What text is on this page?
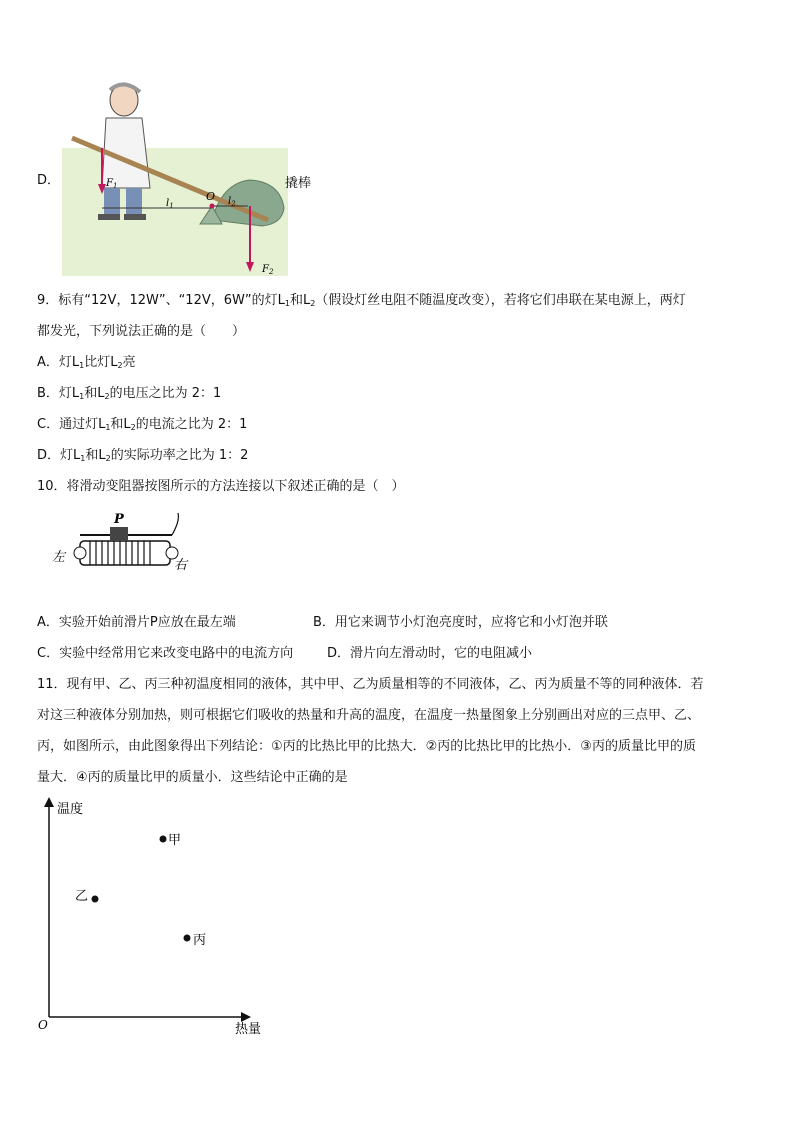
D．
O
$F_1$
$F_2$
$l_1$	$l_2$
撬棒
9．标有“12V，12W”、“12V，6W”的灯$L_1$和$L_2$（假设灯丝电阻不随温度改变），若将它们串联在某电源上，两灯
都发光，下列说法正确的是（　　）
A．灯$L_1$比灯$L_2$亮
B．灯$L_1$和$L_2$的电压之比为 2：1
C．通过灯$L_1$和$L_2$的电流之比为 2：1
D．灯$L_1$和$L_2$的实际功率之比为 1：2
10．将滑动变阻器按图所示的方法连接以下叙述正确的是（　）
P
左
右
A．实验开始前滑片P应放在最左端	B．用它来调节小灯泡亮度时，应将它和小灯泡并联
C．实验中经常用它来改变电路中的电流方向	D．滑片向左滑动时，它的电阻减小
11．现有甲、乙、丙三种初温度相同的液体，其中甲、乙为质量相等的不同液体，乙、丙为质量不等的同种液体．若
对这三种液体分别加热，则可根据它们吸收的热量和升高的温度，在温度一热量图象上分别画出对应的三点甲、乙、
丙，如图所示，由此图象得出下列结论：①丙的比热比甲的比热大．②丙的比热比甲的比热小．③丙的质量比甲的质
量大．④丙的质量比甲的质量小．这些结论中正确的是
温度
热量
O
甲
乙
丙
